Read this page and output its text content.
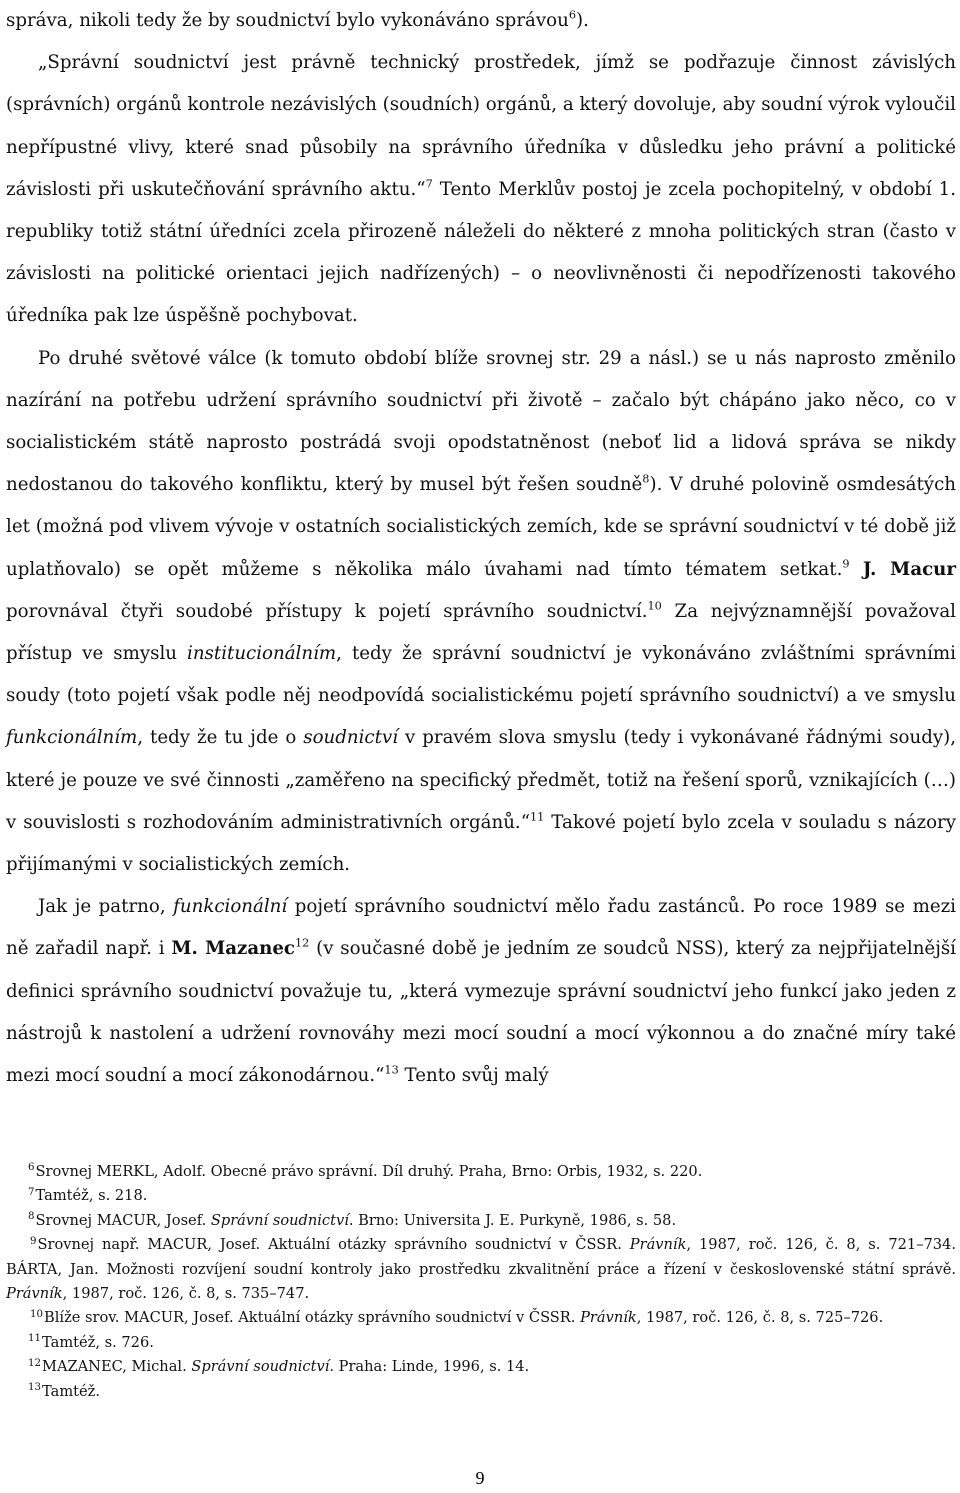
správa, nikoli tedy že by soudnictví bylo vykonáváno správou$^6$).

„Správní soudnictví jest právně technický prostředek, jímž se podřazuje činnost závislých (správních) orgánů kontrole nezávislých (soudních) orgánů, a který dovoluje, aby soudní výrok vyloučil nepřípustné vlivy, které snad působily na správního úředníka v důsledku jeho právní a politické závislosti při uskutečňování správního aktu.“$^7$ Tento Merklův postoj je zcela pochopitelný, v období 1. republiky totiž státní úředníci zcela přirozeně náleželi do některé z mnoha politických stran (často v závislosti na politické orientaci jejich nadřízených) – o neovlivněnosti či nepodřízenosti takového úředníka pak lze úspěšně pochybovat.

Po druhé světové válce (k tomuto období blíže srovnej str. 29 a násl.) se u nás naprosto změnilo nazírání na potřebu udržení správního soudnictví při životě – začalo být chápáno jako něco, co v socialistickém státě naprosto postrádá svoji opodstatněnost (neboť lid a lidová správa se nikdy nedostanou do takového konfliktu, který by musel být řešen soudně$^8$). V druhé polovině osmdesátých let (možná pod vlivem vývoje v ostatních socialistických zemích, kde se správní soudnictví v té době již uplatňovalo) se opět můžeme s několika málo úvahami nad tímto tématem setkat.$^9$ J. Macur porovnával čtyři soudobé přístupy k pojetí správního soudnictví.$^{10}$ Za nejvýznamnější považoval přístup ve smyslu institucionálním, tedy že správní soudnictví je vykonáváno zvláštními správními soudy (toto pojetí však podle něj neodpovídá socialistickému pojetí správního soudnictví) a ve smyslu funkcionálním, tedy že tu jde o soudnictví v pravém slova smyslu (tedy i vykonávané řádnými soudy), které je pouze ve své činnosti „zaměřeno na specifický předmět, totiž na řešení sporů, vznikajících (…) v souvislosti s rozhodováním administrativních orgánů.“$^{11}$ Takové pojetí bylo zcela v souladu s názory přijímanými v socialistických zemích.

Jak je patrno, funkcionální pojetí správního soudnictví mělo řadu zastánců. Po roce 1989 se mezi ně zařadil např. i M. Mazanec$^{12}$ (v současné době je jedním ze soudců NSS), který za nejpřijatelnější definici správního soudnictví považuje tu, „která vymezuje správní soudnictví jeho funkcí jako jeden z nástrojů k nastolení a udržení rovnováhy mezi mocí soudní a mocí výkonnou a do značné míry také mezi mocí soudní a mocí zákonodárnou.“$^{13}$ Tento svůj malý

$^6$Srovnej MERKL, Adolf. Obecné právo správní. Díl druhý. Praha, Brno: Orbis, 1932, s. 220.

$^7$Tamtéž, s. 218.

$^8$Srovnej MACUR, Josef. Správní soudnictví. Brno: Universita J. E. Purkyně, 1986, s. 58.

$^9$Srovnej např. MACUR, Josef. Aktuální otázky správního soudnictví v ČSSR. Právník, 1987, roč. 126, č. 8, s. 721–734. BÁRTA, Jan. Možnosti rozvíjení soudní kontroly jako prostředku zkvalitnění práce a řízení v československé státní správě. Právník, 1987, roč. 126, č. 8, s. 735–747.

$^{10}$Blíže srov. MACUR, Josef. Aktuální otázky správního soudnictví v ČSSR. Právník, 1987, roč. 126, č. 8, s. 725–726.

$^{11}$Tamtéž, s. 726.

$^{12}$MAZANEC, Michal. Správní soudnictví. Praha: Linde, 1996, s. 14.

$^{13}$Tamtéž.

9
